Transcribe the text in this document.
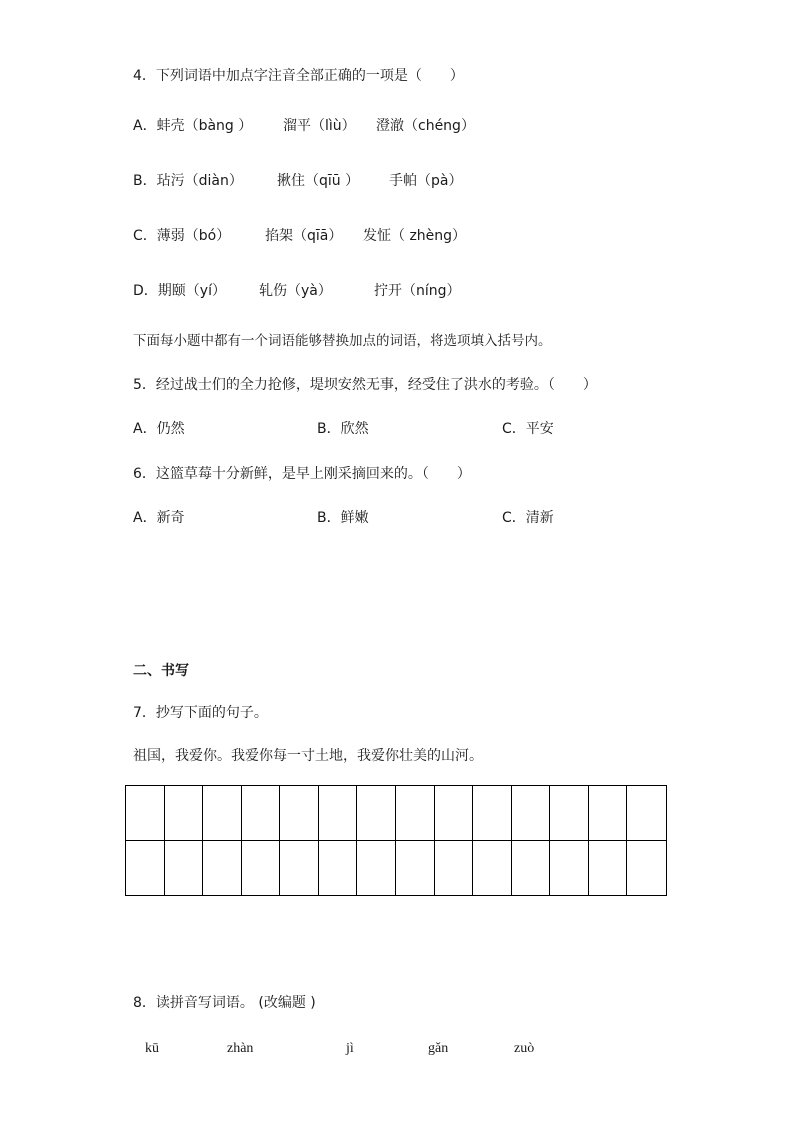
4．下列词语中加点字注音全部正确的一项是（　　）
A．蚌壳（bàng ） 溜平（lìù） 澄澈（chéng）
B．玷污（diàn） 揪住（qīū ） 手帕（pà）
C．薄弱（bó） 掐架（qīā） 发怔（ zhèng）
D．期颐（yí） 轧伤（yà）	拧开（níng）
下面每小题中都有一个词语能够替换加点的词语，将选项填入括号内。
5．经过战士们的全力抢修，堤坝安然无事，经受住了洪水的考验。（　　）
A．仍然	B．欣然	C．平安
6．这篮草莓十分新鲜，是早上刚采摘回来的。（　　）
A．新奇	B．鲜嫩	C．清新
二、书写
7．抄写下面的句子。
祖国，我爱你。我爱你每一寸土地，我爱你壮美的山河。
8．读拼音写词语。 (改编题 )
kū	zhàn	jì	gǎn	zuò
